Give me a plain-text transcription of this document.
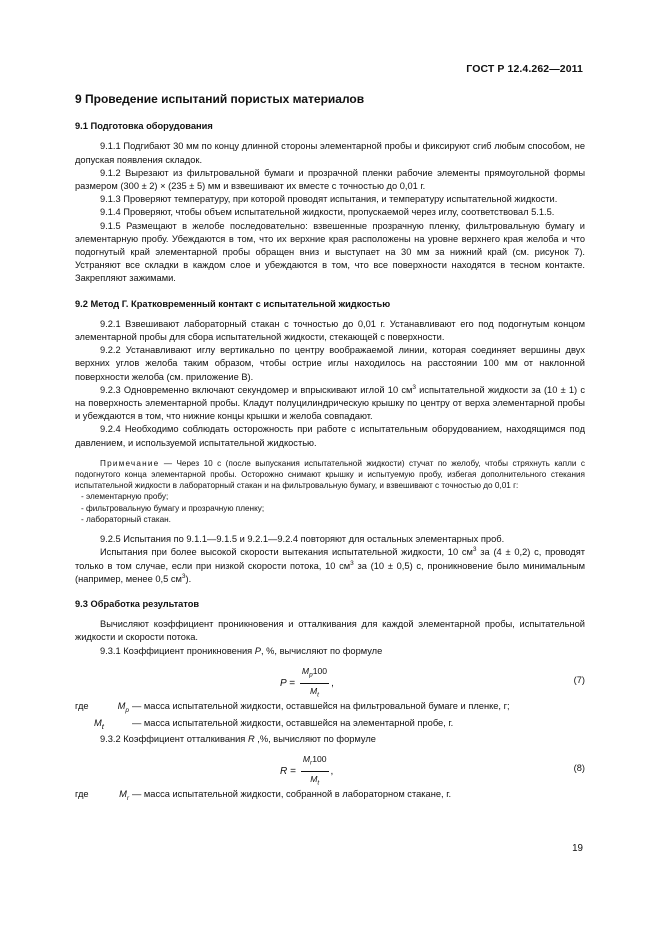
ГОСТ Р 12.4.262—2011

9 Проведение испытаний пористых материалов

9.1 Подготовка оборудования

9.1.1 Подгибают 30 мм по концу длинной стороны элементарной пробы и фиксируют сгиб любым способом, не допуская появления складок.

9.1.2 Вырезают из фильтровальной бумаги и прозрачной пленки рабочие элементы прямоугольной формы размером (300 ± 2) × (235 ± 5) мм и взвешивают их вместе с точностью до 0,01 г.

9.1.3 Проверяют температуру, при которой проводят испытания, и температуру испытательной жидкости.

9.1.4 Проверяют, чтобы объем испытательной жидкости, пропускаемой через иглу, соответствовал 5.1.5.

9.1.5 Размещают в желобе последовательно: взвешенные прозрачную пленку, фильтровальную бумагу и элементарную пробу. Убеждаются в том, что их верхние края расположены на уровне верхнего края желоба и что подогнутый край элементарной пробы обращен вниз и выступает на 30 мм за нижний край (см. рисунок 7). Устраняют все складки в каждом слое и убеждаются в том, что все поверхности находятся в тесном контакте. Закрепляют зажимами.

9.2 Метод Г. Кратковременный контакт с испытательной жидкостью

9.2.1 Взвешивают лабораторный стакан с точностью до 0,01 г. Устанавливают его под подогнутым концом элементарной пробы для сбора испытательной жидкости, стекающей с поверхности.

9.2.2 Устанавливают иглу вертикально по центру воображаемой линии, которая соединяет вершины двух верхних углов желоба таким образом, чтобы острие иглы находилось на расстоянии 100 мм от наклонной поверхности желоба (см. приложение В).

9.2.3 Одновременно включают секундомер и впрыскивают иглой 10 $см^3$ испытательной жидкости за (10 ± 1) с на поверхность элементарной пробы. Кладут полуцилиндрическую крышку по центру от верха элементарной пробы и убеждаются в том, что нижние концы крышки и желоба совпадают.

9.2.4 Необходимо соблюдать осторожность при работе с испытательным оборудованием, находящимся под давлением, и используемой испытательной жидкостью.

Примечание — Через 10 с (после выпускания испытательной жидкости) стучат по желобу, чтобы стряхнуть капли с подогнутого конца элементарной пробы. Осторожно снимают крышку и испытуемую пробу, избегая дополнительного стекания испытательной жидкости в лабораторный стакан и на фильтровальную бумагу, и взвешивают с точностью до 0,01 г:

- элементарную пробу;
- фильтровальную бумагу и прозрачную пленку;
- лабораторный стакан.

9.2.5 Испытания по 9.1.1—9.1.5 и 9.2.1—9.2.4 повторяют для остальных элементарных проб.

Испытания при более высокой скорости вытекания испытательной жидкости, 10 $см^3$ за (4 ± 0,2) с, проводят только в том случае, если при низкой скорости потока, 10 $см^3$ за (10 ± 0,5) с, проникновение было минимальным (например, менее 0,5 $см^3$).

9.3 Обработка результатов

Вычисляют коэффициент проникновения и отталкивания для каждой элементарной пробы, испытательной жидкости и скорости потока.

9.3.1 Коэффициент проникновения P, %, вычисляют по формуле

$P = \frac{M_p100}{M_t}$ ,	(7)
где	$M_p$ — масса испытательной жидкости, оставшейся на фильтровальной бумаге и пленке, г;
$M_t$	— масса испытательной жидкости, оставшейся на элементарной пробе, г.

9.3.2 Коэффициент отталкивания R ,%, вычисляют по формуле

$R = \frac{M_r100}{M_t}$ ,	(8)
где	$M_r$ — масса испытательной жидкости, собранной в лабораторном стакане, г.
19
